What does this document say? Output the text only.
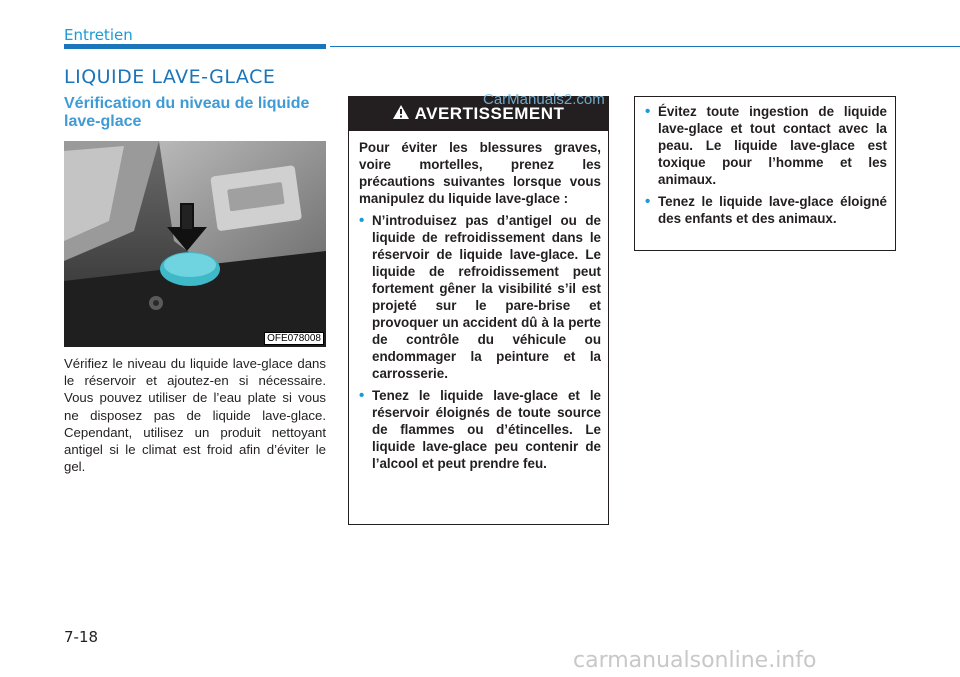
Entretien
LIQUIDE LAVE-GLACE
Vérification du niveau de liquide lave-glace
OFE078008
Vérifiez le niveau du liquide lave-glace dans le réservoir et ajoutez-en si nécessaire. Vous pouvez utiliser de l’eau plate si vous ne disposez pas de liquide lave-glace. Cependant, utilisez un produit nettoyant antigel si le climat est froid afin d’éviter le gel.
AVERTISSEMENT
Pour éviter les blessures graves, voire mortelles, prenez les précautions suivantes lorsque vous manipulez du liquide lave-glace :
• N’introduisez pas d’antigel ou de liquide de refroidissement dans le réservoir de liquide lave-glace. Le liquide de refroidissement peut fortement gêner la visibilité s’il est projeté sur le pare-brise et provoquer un accident dû à la perte de contrôle du véhicule ou endommager la peinture et la carrosserie.
• Tenez le liquide lave-glace et le réservoir éloignés de toute source de flammes ou d’étincelles. Le liquide lave-glace peu contenir de l’alcool et peut prendre feu.
• Évitez toute ingestion de liquide lave-glace et tout contact avec la peau. Le liquide lave-glace est toxique pour l’homme et les animaux.
• Tenez le liquide lave-glace éloigné des enfants et des animaux.
CarManuals2.com
7-18
carmanualsonline.info
